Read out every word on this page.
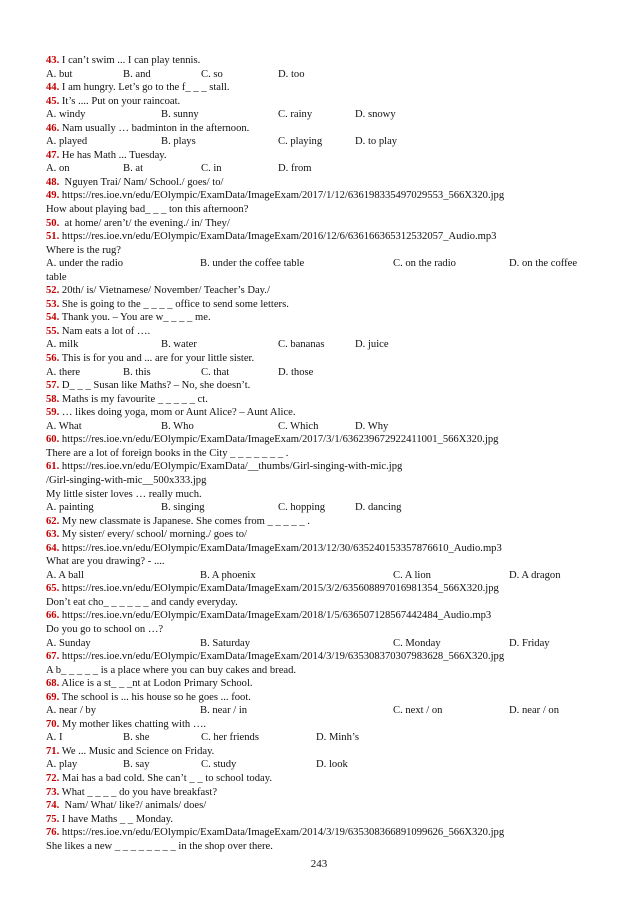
43. I can’t swim ... I can play tennis.
A. but	B. and	C. so	D. too
44. I am hungry. Let’s go to the f_ _ _ stall.
45. It’s .... Put on your raincoat.
A. windy	B. sunny	C. rainy	D. snowy
46. Nam usually … badminton in the afternoon.
A. played	B. plays	C. playing	D. to play
47. He has Math ... Tuesday.
A. on	B. at	C. in	D. from
48.  Nguyen Trai/ Nam/ School./ goes/ to/
49. https://res.ioe.vn/edu/EOlympic/ExamData/ImageExam/2017/1/12/636198335497029553_566X320.jpg
How about playing bad_ _ _ ton this afternoon?
50.  at home/ aren’t/ the evening./ in/ They/
51. https://res.ioe.vn/edu/EOlympic/ExamData/ImageExam/2016/12/6/636166365312532057_Audio.mp3
Where is the rug?
A. under the radio	B. under the coffee table	C. on the radio	D. on the coffee
table
52. 20th/ is/ Vietnamese/ November/ Teacher’s Day./
53. She is going to the _ _ _ _ office to send some letters.
54. Thank you. – You are w_ _ _ _ me.
55. Nam eats a lot of ….
A. milk	B. water	C. bananas	D. juice
56. This is for you and ... are for your little sister.
A. there	B. this	C. that	D. those
57. D_ _ _ Susan like Maths? – No, she doesn’t.
58. Maths is my favourite _ _ _ _ _ ct.
59. … likes doing yoga, mom or Aunt Alice? – Aunt Alice.
A. What	B. Who	C. Which	D. Why
60. https://res.ioe.vn/edu/EOlympic/ExamData/ImageExam/2017/3/1/636239672922411001_566X320.jpg
There are a lot of foreign books in the City _ _ _ _ _ _ _ .
61. https://res.ioe.vn/edu/EOlympic/ExamData/__thumbs/Girl-singing-with-mic.jpg
/Girl-singing-with-mic__500x333.jpg
My little sister loves … really much.
A. painting	B. singing	C. hopping	D. dancing
62. My new classmate is Japanese. She comes from _ _ _ _ _ .
63. My sister/ every/ school/ morning./ goes to/
64. https://res.ioe.vn/edu/EOlympic/ExamData/ImageExam/2013/12/30/635240153357876610_Audio.mp3
What are you drawing? - ....
A. A ball	B. A phoenix	C. A lion	D. A dragon
65. https://res.ioe.vn/edu/EOlympic/ExamData/ImageExam/2015/3/2/635608897016981354_566X320.jpg
Don’t eat cho_ _ _ _ _ _ and candy everyday.
66. https://res.ioe.vn/edu/EOlympic/ExamData/ImageExam/2018/1/5/636507128567442484_Audio.mp3
Do you go to school on …?
A. Sunday	B. Saturday	C. Monday	D. Friday
67. https://res.ioe.vn/edu/EOlympic/ExamData/ImageExam/2014/3/19/635308370307983628_566X320.jpg
A b_ _ _ _ _ is a place where you can buy cakes and bread.
68. Alice is a st_ _ _nt at Lodon Primary School.
69. The school is ... his house so he goes ... foot.
A. near / by	B. near / in	C. next / on	D. near / on
70. My mother likes chatting with ….
A. I	B. she	C. her friends	D. Minh’s
71. We ... Music and Science on Friday.
A. play	B. say	C. study	D. look
72. Mai has a bad cold. She can’t _ _ to school today.
73. What _ _ _ _ do you have breakfast?
74.  Nam/ What/ like?/ animals/ does/
75. I have Maths _ _ Monday.
76. https://res.ioe.vn/edu/EOlympic/ExamData/ImageExam/2014/3/19/635308366891099626_566X320.jpg
She likes a new _ _ _ _ _ _ _ _ in the shop over there.
243
